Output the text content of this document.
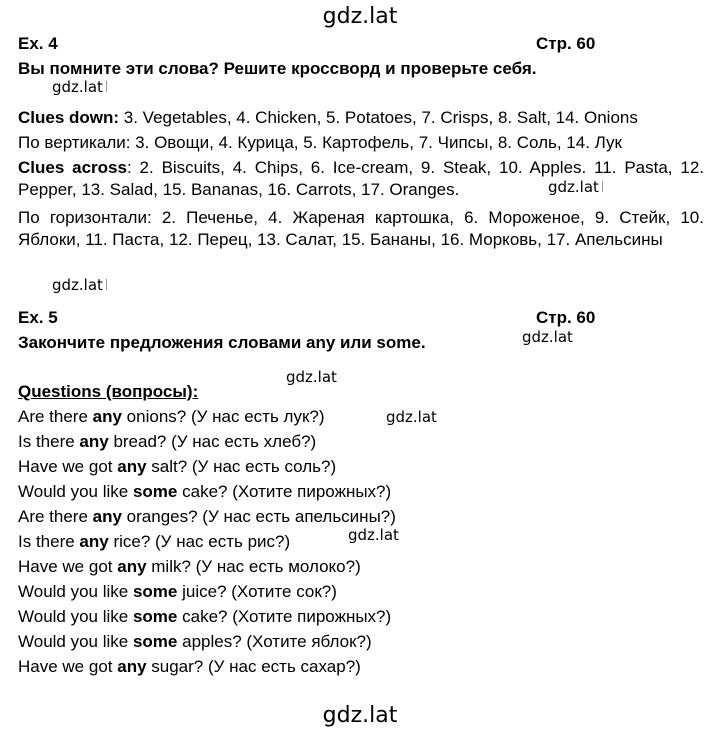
gdz.lat
Ex. 4	Стр. 60
Вы помните эти слова? Решите кроссворд и проверьте себя.
gdz.lat
Clues down: 3. Vegetables, 4. Chicken, 5. Potatoes, 7. Crisps, 8. Salt, 14. Onions
По вертикали: 3. Овощи, 4. Курица, 5. Картофель, 7. Чипсы, 8. Соль, 14. Лук
Clues across: 2. Biscuits, 4. Chips, 6. Ice-cream, 9. Steak, 10. Apples. 11. Pasta, 12. Pepper, 13. Salad, 15. Bananas, 16. Carrots, 17. Oranges.	gdz.lat
По горизонтали: 2. Печенье, 4. Жареная картошка, 6. Мороженое, 9. Стейк, 10. Яблоки, 11. Паста, 12. Перец, 13. Салат, 15. Бананы, 16. Морковь, 17. Апельсины
gdz.lat
Ex. 5	Стр. 60
Закончите предложения словами any или some.	gdz.lat
Questions (вопросы):
gdz.lat
Are there any onions? (У нас есть лук?)	gdz.lat
Is there any bread? (У нас есть хлеб?)
Have we got any salt? (У нас есть соль?)
Would you like some cake? (Хотите пирожных?)
Are there any oranges? (У нас есть апельсины?)
Is there any rice? (У нас есть рис?)	gdz.lat
Have we got any milk? (У нас есть молоко?)
Would you like some juice? (Хотите сок?)
Would you like some cake? (Хотите пирожных?)
Would you like some apples? (Хотите яблок?)
Have we got any sugar? (У нас есть сахар?)
gdz.lat
